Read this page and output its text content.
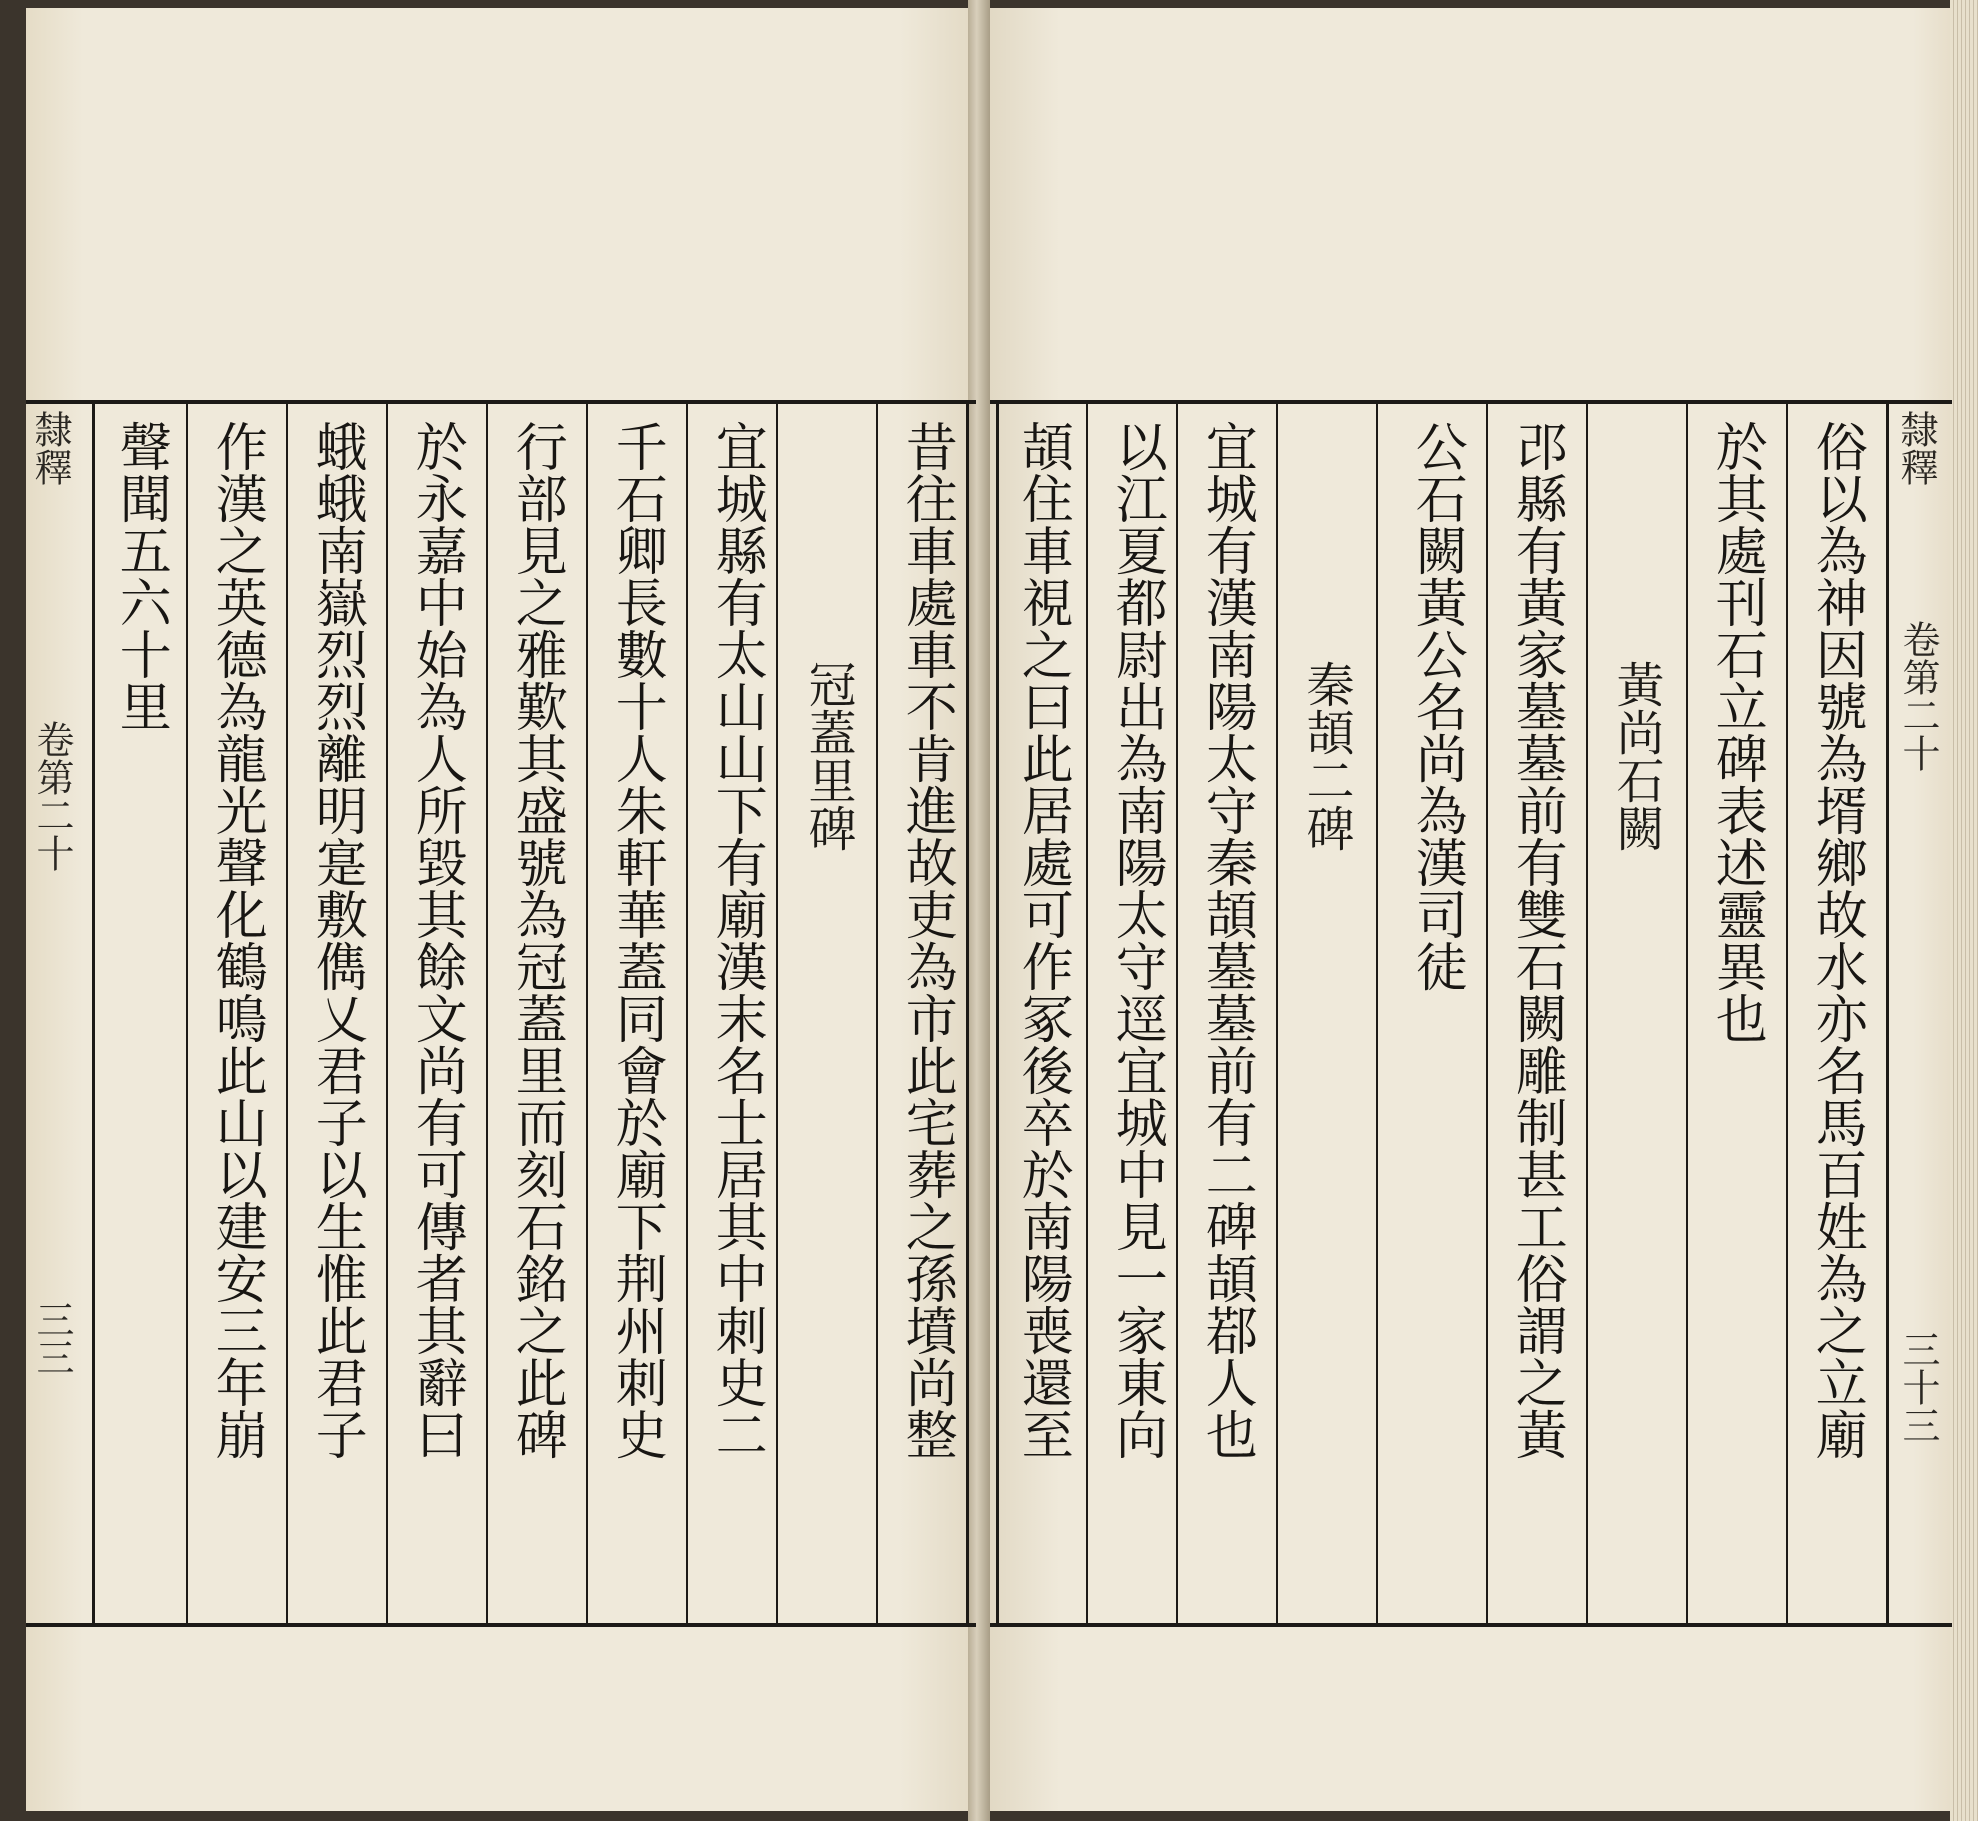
隸釋
卷第二十
三三
隸釋
卷第二十
三十三
昔往車處車不肯進故吏為市此宅葬之孫墳尚整
冠蓋里碑
宜城縣有太山山下有廟漢末名士居其中刺史二
千石卿長數十人朱軒華蓋同會於廟下荆州刺史
行部見之雅歎其盛號為冠蓋里而刻石銘之此碑
於永嘉中始為人所毀其餘文尚有可傳者其辭曰
蛾蛾南嶽烈烈離明寔敷儁乂君子以生惟此君子
作漢之英德為龍光聲化鶴鳴此山以建安三年崩
聲聞五六十里	俗以為神因號為壻鄉故水亦名馬百姓為之立廟
於其處刊石立碑表述靈異也
黃尚石闕
邔縣有黃家墓墓前有雙石闕雕制甚工俗謂之黃
公石闕黃公名尚為漢司徒
秦頡二碑
宜城有漢南陽太守秦頡墓墓前有二碑頡鄀人也
以江夏都尉出為南陽太守逕宜城中見一家東向
頡住車視之曰此居處可作冢後卒於南陽喪還至
